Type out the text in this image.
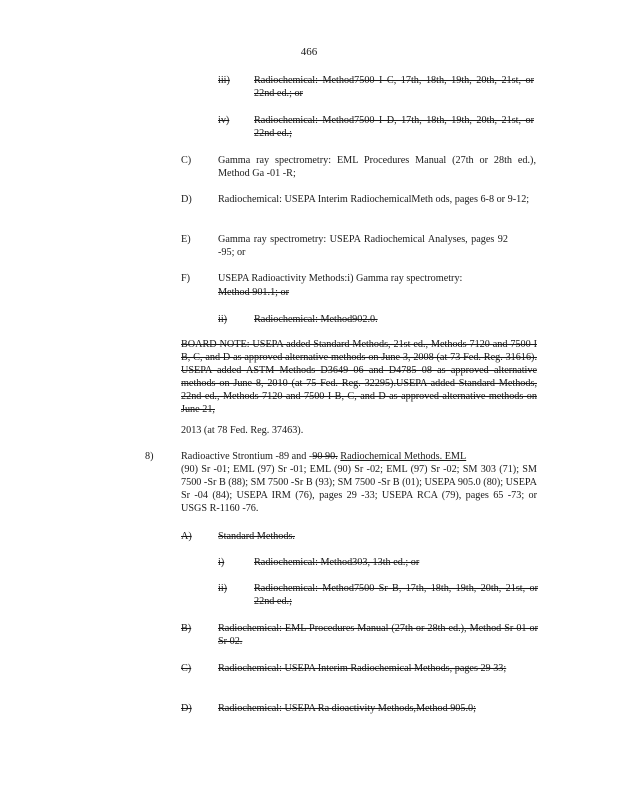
466
iii) Radiochemical: Method7500 I C, 17th, 18th, 19th, 20th, 21st, or 22nd ed.; or
iv) Radiochemical: Method7500 I D, 17th, 18th, 19th, 20th, 21st, or 22nd ed.;
C)	Gamma ray spectrometry: EML Procedures Manual (27th or 28th ed.), Method Ga -01 -R;
D)	Radiochemical: USEPA Interim RadiochemicalMeth ods, pages 6-8 or 9-12;
E)	Gamma ray spectrometry: USEPA Radiochemical Analyses, pages 92 -95; or
F)	USEPA Radioactivity Methods:i) Gamma ray spectrometry:
Method 901.1; or
ii)	Radiochemical: Method902.0.
BOARD NOTE: USEPA added Standard Methods, 21st ed., Methods 7120 and 7500 I B, C, and D as approved alternative methods on June 3, 2008 (at 73 Fed. Reg. 31616). USEPA added ASTM Methods D3649 06 and D4785 08 as approved alternative methods on June 8, 2010 (at 75 Fed. Reg. 32295).USEPA added Standard Methods, 22nd ed., Methods 7120 and 7500 I B, C, and D as approved alternative methods on June 21,
2013 (at 78 Fed. Reg. 37463).
8)	Radioactive Strontium -89 and -90 90. Radiochemical Methods. EML
(90) Sr -01; EML (97) Sr -01; EML (90) Sr -02; EML (97) Sr -02; SM 303 (71); SM 7500 -Sr B (88); SM 7500 -Sr B (93); SM 7500 -Sr B (01); USEPA 905.0 (80); USEPA Sr -04 (84); USEPA IRM (76), pages 29 -33; USEPA RCA (79), pages 65 -73; or USGS R-1160 -76.
A)	Standard Methods.
i)	Radiochemical: Method303, 13th ed.; or
ii)	Radiochemical: Method7500 Sr B, 17th, 18th, 19th, 20th, 21st, or 22nd ed.;
B)	Radiochemical: EML Procedures Manual (27th or 28th ed.), Method Sr 01 or Sr 02.
C)	Radiochemical: USEPA Interim Radiochemical Methods, pages 29 33;
D)	Radiochemical: USEPA Ra dioactivity Methods,Method 905.0;
